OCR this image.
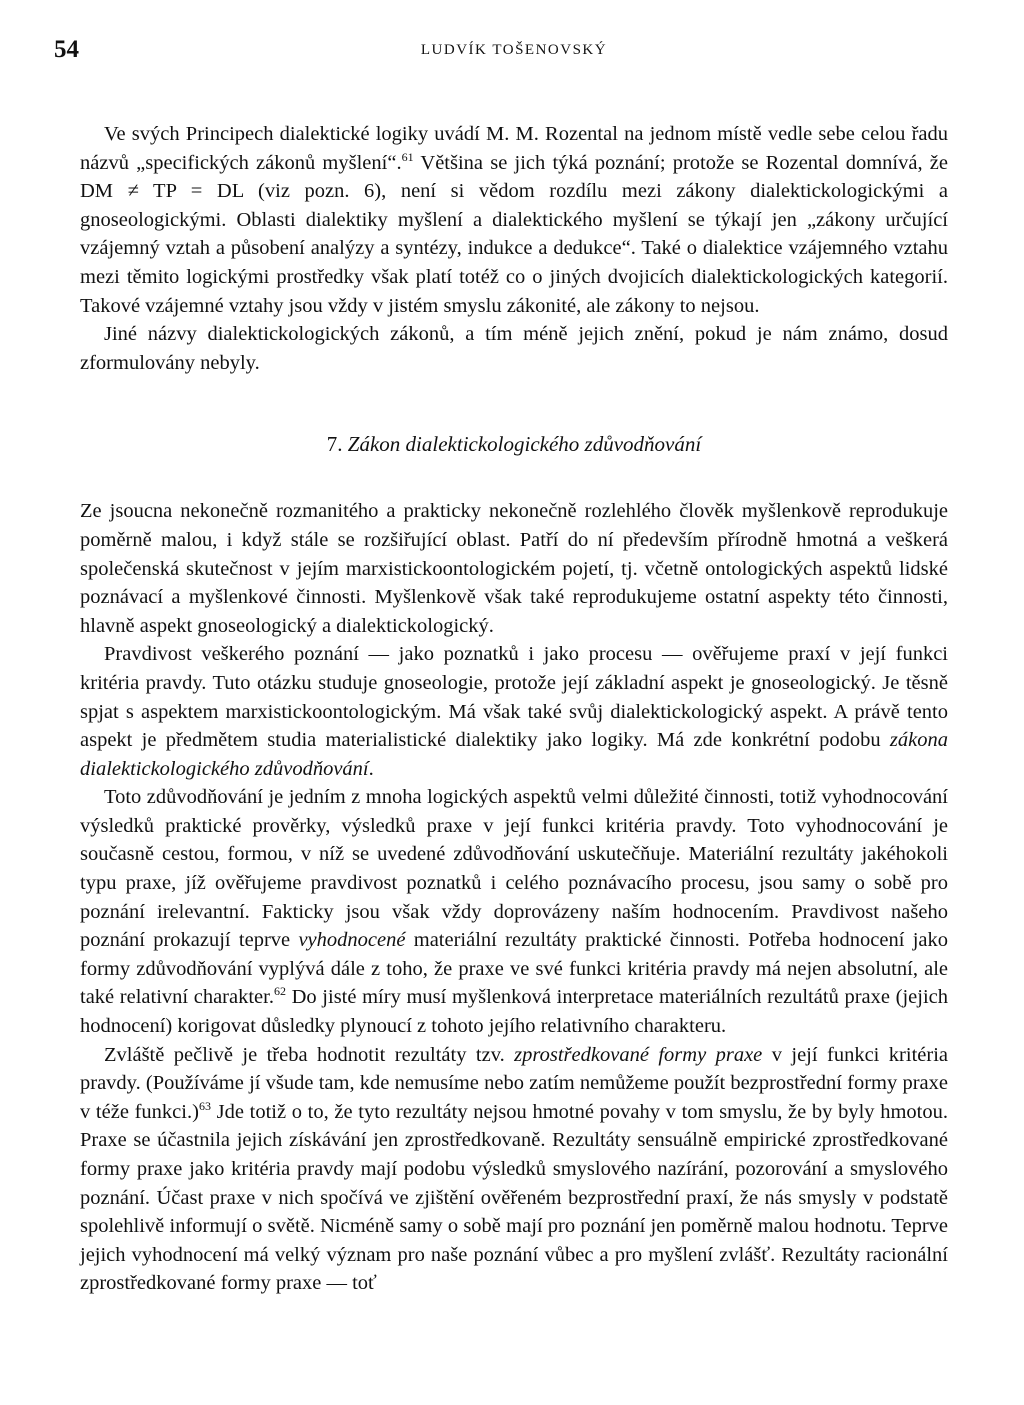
54	LUDVÍK TOŠENOVSKÝ

Ve svých Principech dialektické logiky uvádí M. M. Rozental na jednom místě vedle sebe celou řadu názvů „specifických zákonů myšlení“.$^{61}$ Většina se jich týká poznání; protože se Rozental domnívá, že DM ≠ TP = DL (viz pozn. 6), není si vědom rozdílu mezi zákony dialektickologickými a gnoseologickými. Oblasti dialektiky myšlení a dialektického myšlení se týkají jen „zákony určující vzájemný vztah a působení analýzy a syntézy, indukce a dedukce“. Také o dialektice vzájemného vztahu mezi těmito logickými prostředky však platí totéž co o jiných dvojicích dialektickologických kategorií. Takové vzájemné vztahy jsou vždy v jistém smyslu zákonité, ale zákony to nejsou.

Jiné názvy dialektickologických zákonů, a tím méně jejich znění, pokud je nám známo, dosud zformulovány nebyly.

7. Zákon dialektickologického zdůvodňování

Ze jsoucna nekonečně rozmanitého a prakticky nekonečně rozlehlého člověk myšlenkově reprodukuje poměrně malou, i když stále se rozšiřující oblast. Patří do ní především přírodně hmotná a veškerá společenská skutečnost v jejím marxistickoontologickém pojetí, tj. včetně ontologických aspektů lidské poznávací a myšlenkové činnosti. Myšlenkově však také reprodukujeme ostatní aspekty této činnosti, hlavně aspekt gnoseologický a dialektickologický.

Pravdivost veškerého poznání — jako poznatků i jako procesu — ověřujeme praxí v její funkci kritéria pravdy. Tuto otázku studuje gnoseologie, protože její základní aspekt je gnoseologický. Je těsně spjat s aspektem marxistickoontologickým. Má však také svůj dialektickologický aspekt. A právě tento aspekt je předmětem studia materialistické dialektiky jako logiky. Má zde konkrétní podobu zákona dialektickologického zdůvodňování.

Toto zdůvodňování je jedním z mnoha logických aspektů velmi důležité činnosti, totiž vyhodnocování výsledků praktické prověrky, výsledků praxe v její funkci kritéria pravdy. Toto vyhodnocování je současně cestou, formou, v níž se uvedené zdůvodňování uskutečňuje. Materiální rezultáty jakéhokoli typu praxe, jíž ověřujeme pravdivost poznatků i celého poznávacího procesu, jsou samy o sobě pro poznání irelevantní. Fakticky jsou však vždy doprovázeny naším hodnocením. Pravdivost našeho poznání prokazují teprve vyhodnocené materiální rezultáty praktické činnosti. Potřeba hodnocení jako formy zdůvodňování vyplývá dále z toho, že praxe ve své funkci kritéria pravdy má nejen absolutní, ale také relativní charakter.$^{62}$ Do jisté míry musí myšlenková interpretace materiálních rezultátů praxe (jejich hodnocení) korigovat důsledky plynoucí z tohoto jejího relativního charakteru.

Zvláště pečlivě je třeba hodnotit rezultáty tzv. zprostředkované formy praxe v její funkci kritéria pravdy. (Používáme jí všude tam, kde nemusíme nebo zatím nemůžeme použít bezprostřední formy praxe v téže funkci.)$^{63}$ Jde totiž o to, že tyto rezultáty nejsou hmotné povahy v tom smyslu, že by byly hmotou. Praxe se účastnila jejich získávání jen zprostředkovaně. Rezultáty sensuálně empirické zprostředkované formy praxe jako kritéria pravdy mají podobu výsledků smyslového nazírání, pozorování a smyslového poznání. Účast praxe v nich spočívá ve zjištění ověřeném bezprostřední praxí, že nás smysly v podstatě spolehlivě informují o světě. Nicméně samy o sobě mají pro poznání jen poměrně malou hodnotu. Teprve jejich vyhodnocení má velký význam pro naše poznání vůbec a pro myšlení zvlášť. Rezultáty racionální zprostředkované formy praxe — toť
